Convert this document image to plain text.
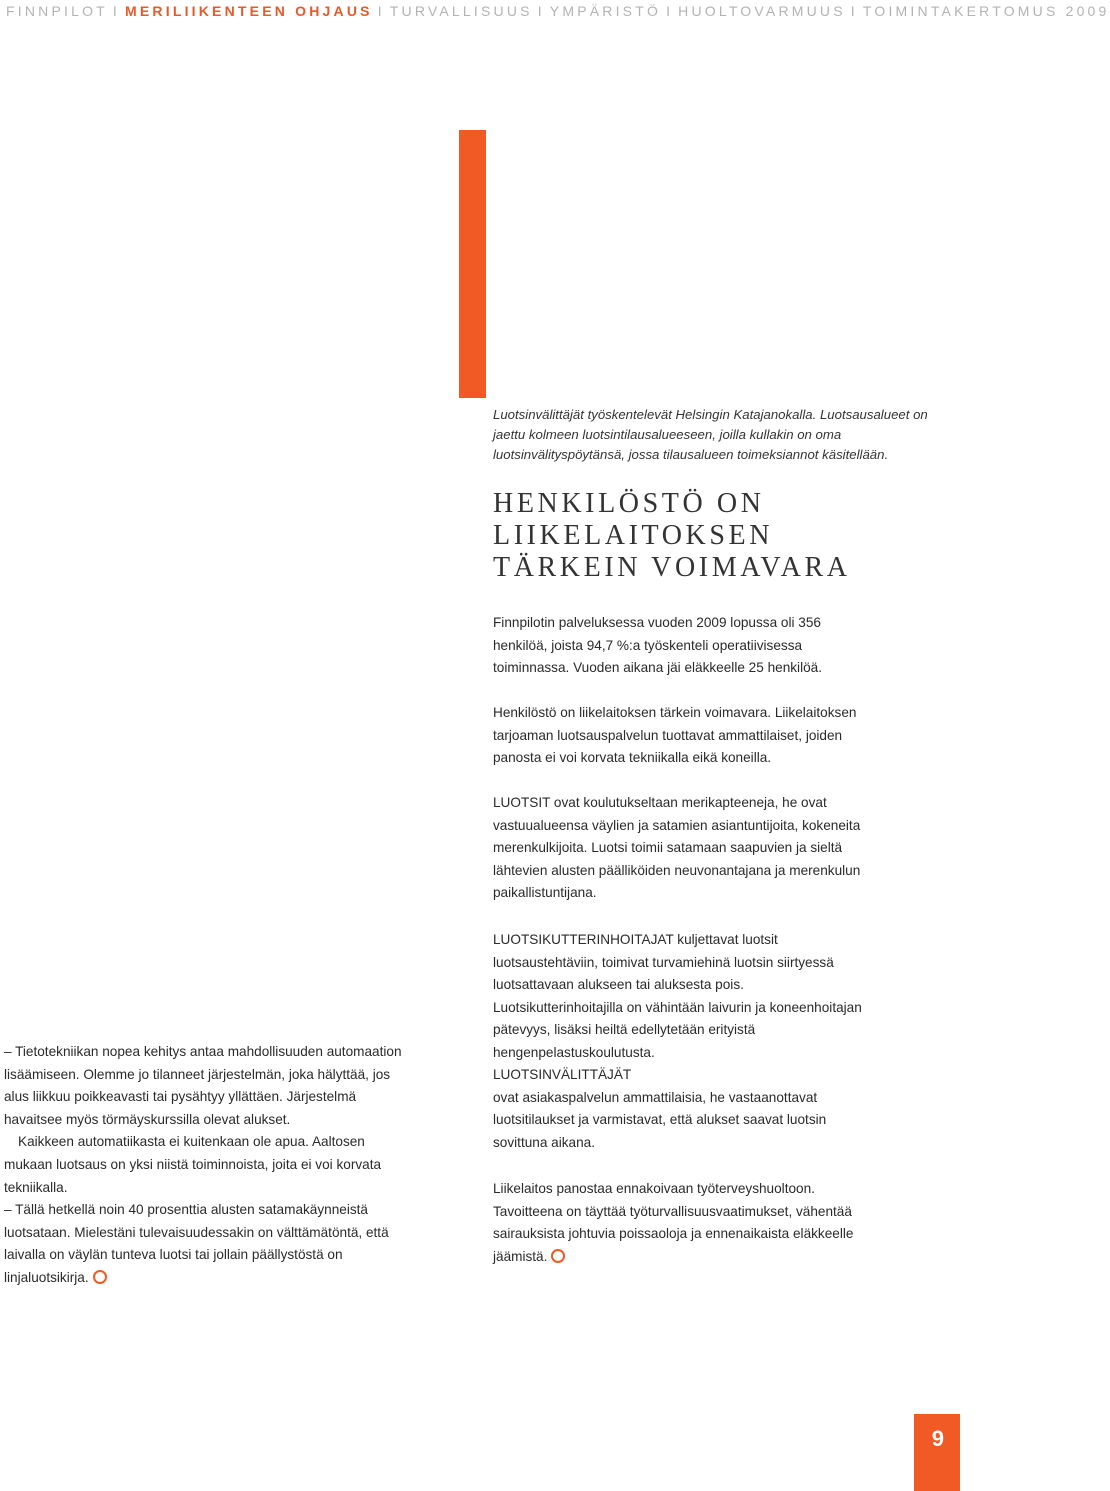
FINNPILOT I MERILIIKENTEEN OHJAUS I TURVALLISUUS I YMPÄRISTÖ I HUOLTOVARMUUS I TOIMINTAKERTOMUS 2009

Luotsinvälittäjät työskentelevät Helsingin Katajanokalla. Luotsausalueet on jaettu kolmeen luotsintilausalueeseen, joilla kullakin on oma luotsinvälityspöytänsä, jossa tilausalueen toimeksiannot käsitellään.

HENKILÖSTÖ ON
LIIKELAITOKSEN
TÄRKEIN VOIMAVARA

Finnpilotin palveluksessa vuoden 2009 lopussa oli 356 henkilöä, joista 94,7 %:a työskenteli operatiivisessa toiminnassa. Vuoden aikana jäi eläkkeelle 25 henkilöä.

Henkilöstö on liikelaitoksen tärkein voimavara. Liikelaitoksen tarjoaman luotsauspalvelun tuottavat ammattilaiset, joiden panosta ei voi korvata tekniikalla eikä koneilla.

LUOTSIT ovat koulutukseltaan merikapteeneja, he ovat vastuualueensa väylien ja satamien asiantuntijoita, kokeneita merenkulkijoita. Luotsi toimii satamaan saapuvien ja sieltä lähtevien alusten päälliköiden neuvonantajana ja merenkulun paikallistuntijana.

LUOTSIKUTTERINHOITAJAT kuljettavat luotsit luotsaustehtäviin, toimivat turvamiehinä luotsin siirtyessä luotsattavaan alukseen tai aluksesta pois. Luotsikutterinhoitajilla on vähintään laivurin ja koneenhoitajan pätevyys, lisäksi heiltä edellytetään erityistä hengenpelastuskoulutusta.

LUOTSINVÄLITTÄJÄT

ovat asiakaspalvelun ammattilaisia, he vastaanottavat luotsitilaukset ja varmistavat, että alukset saavat luotsin sovittuna aikana.

Liikelaitos panostaa ennakoivaan työterveyshuoltoon. Tavoitteena on täyttää työturvallisuusvaatimukset, vähentää sairauksista johtuvia poissaoloja ja ennenaikaista eläkkeelle jäämistä.

– Tietotekniikan nopea kehitys antaa mahdollisuuden automaation lisäämiseen. Olemme jo tilanneet järjestelmän, joka hälyttää, jos alus liikkuu poikkeavasti tai pysähtyy yllättäen. Järjestelmä havaitsee myös törmäyskurssilla olevat alukset.

Kaikkeen automatiikasta ei kuitenkaan ole apua. Aaltosen mukaan luotsaus on yksi niistä toiminnoista, joita ei voi korvata tekniikalla.

– Tällä hetkellä noin 40 prosenttia alusten satamakäynneistä luotsataan. Mielestäni tulevaisuudessakin on välttämätöntä, että laivalla on väylän tunteva luotsi tai jollain päällystöstä on linjaluotsikirja.

9
